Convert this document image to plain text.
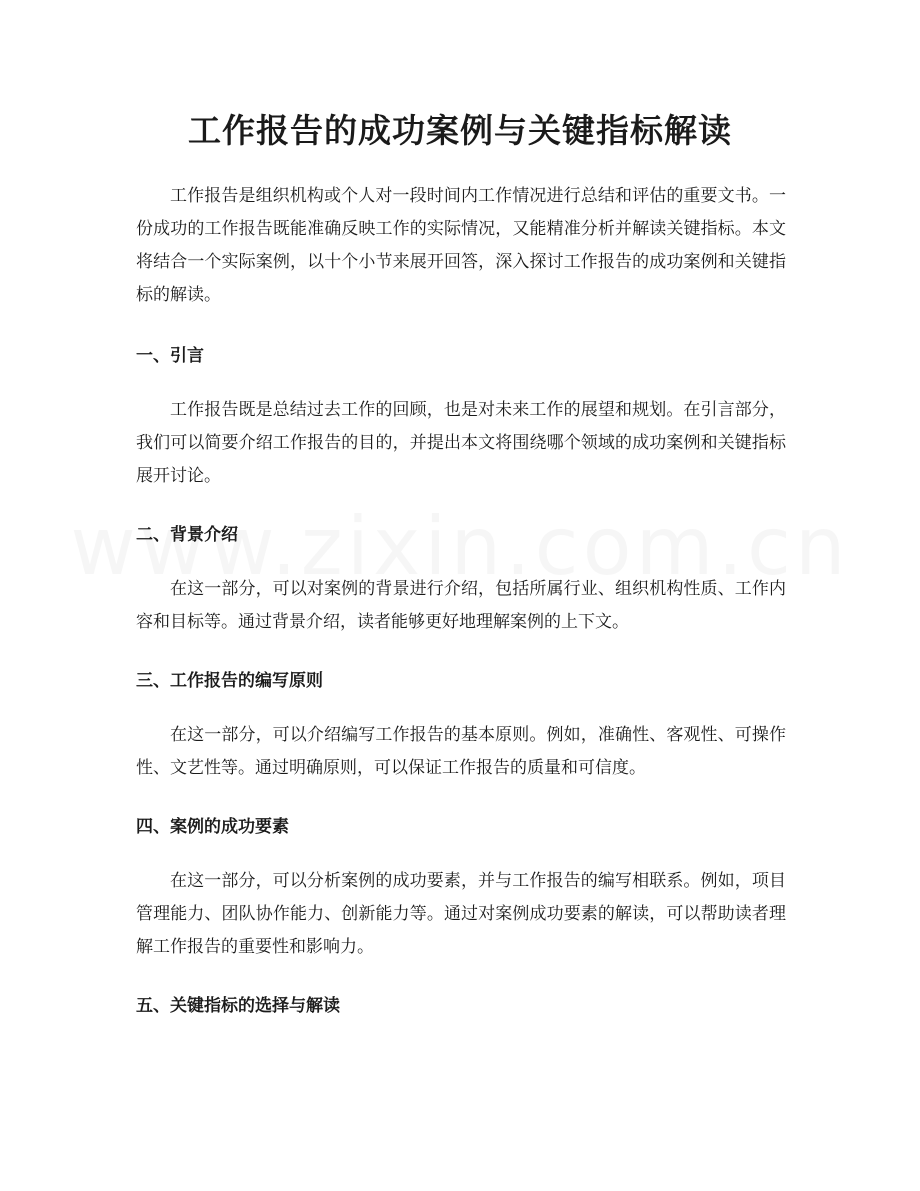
工作报告的成功案例与关键指标解读

工作报告是组织机构或个人对一段时间内工作情况进行总结和评估的重要文书。一份成功的工作报告既能准确反映工作的实际情况，又能精准分析并解读关键指标。本文将结合一个实际案例，以十个小节来展开回答，深入探讨工作报告的成功案例和关键指标的解读。

一、引言

工作报告既是总结过去工作的回顾，也是对未来工作的展望和规划。在引言部分，我们可以简要介绍工作报告的目的，并提出本文将围绕哪个领域的成功案例和关键指标展开讨论。

二、背景介绍

在这一部分，可以对案例的背景进行介绍，包括所属行业、组织机构性质、工作内容和目标等。通过背景介绍，读者能够更好地理解案例的上下文。

三、工作报告的编写原则

在这一部分，可以介绍编写工作报告的基本原则。例如，准确性、客观性、可操作性、文艺性等。通过明确原则，可以保证工作报告的质量和可信度。

四、案例的成功要素

在这一部分，可以分析案例的成功要素，并与工作报告的编写相联系。例如，项目管理能力、团队协作能力、创新能力等。通过对案例成功要素的解读，可以帮助读者理解工作报告的重要性和影响力。

五、关键指标的选择与解读
